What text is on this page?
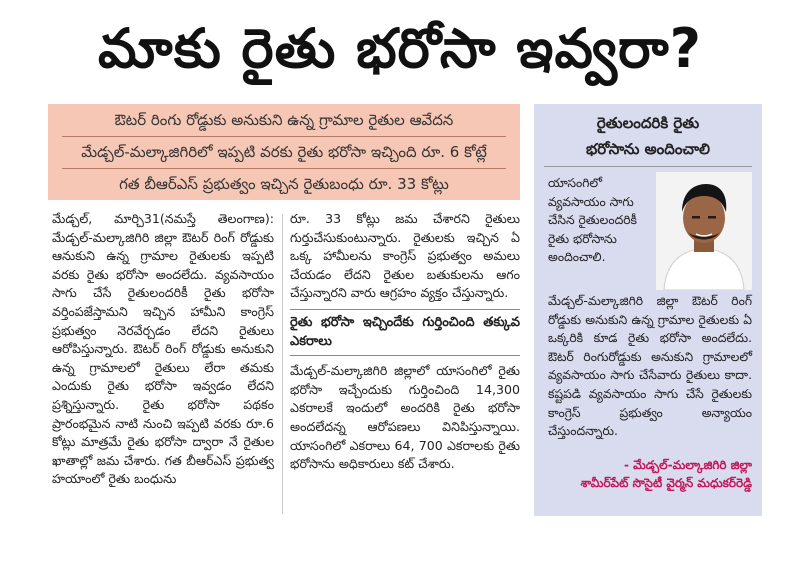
మాకు రైతు భరోసా ఇవ్వరా?
ఔటర్ రింగు రోడ్డుకు అనుకుని ఉన్న గ్రామాల రైతుల ఆవేదన
మేడ్చల్-మల్కాజిగిరిలో ఇప్పటి వరకు రైతు భరోసా ఇచ్చింది రూ. 6 కోట్లే
గత బీఆర్ఎస్ ప్రభుత్వం ఇచ్చిన రైతుబంధు రూ. 33 కోట్లు
మేడ్చల్, మార్చి31(నమస్తే తెలంగాణ): మేడ్చల్-మల్కాజిగిరి జిల్లా ఔటర్ రింగ్ రోడ్డుకు ఆనుకుని ఉన్న గ్రామాల రైతులకు ఇప్పటి వరకు రైతు భరోసా అందలేదు. వ్యవసాయం సాగు చేసే రైతులందరికీ రైతు భరోసా వర్తింపజేస్తామని ఇచ్చిన హామీని కాంగ్రెస్ ప్రభుత్వం నెరవేర్చడం లేదని రైతులు ఆరోపిస్తున్నారు. ఔటర్ రింగ్ రోడ్డుకు అనుకుని ఉన్న గ్రామాలలో రైతులు లేరా తమకు ఎందుకు రైతు భరోసా ఇవ్వడం లేదని ప్రశ్నిస్తున్నారు. రైతు భరోసా పథకం ప్రారంభమైన నాటి నుంచి ఇప్పటి వరకు రూ.6 కోట్లు మాత్రమే రైతు భరోసా ద్వారా నే రైతుల ఖాతాల్లో జమ చేశారు. గత బీఆర్ఎస్ ప్రభుత్వ హయాంలో రైతు బంధును
రూ. 33 కోట్లు జమ చేశారని రైతులు గుర్తుచేసుకుంటున్నారు. రైతులకు ఇచ్చిన ఏ ఒక్క హామీలను కాంగ్రెస్ ప్రభుత్వం అమలు చేయడం లేదని రైతుల బతుకులను ఆగం చేస్తున్నారని వారు ఆగ్రహం వ్యక్తం చేస్తున్నారు.
రైతు భరోసా ఇచ్చిందేకు గుర్తించింది తక్కువ ఎకరాలు
మేడ్చల్-మల్కాజిగిరి జిల్లాలో యాసంగిలో రైతు భరోసా ఇచ్చేందుకు గుర్తించింది 14,300 ఎకరాలకే ఇందులో అందరికి రైతు భరోసా అందలేదన్న ఆరోపణలు వినిపిస్తున్నాయి. యాసంగిలో ఎకరాలు 64, 700 ఎకరాలకు రైతు భరోసాను అధికారులు కట్ చేశారు.
రైతులందరికి రైతు
భరోసాను అందించాలి
యాసంగిలో వ్యవసాయం సాగు చేసిన రైతులందరికీ రైతు భరోసాను అందించాలి.
మేడ్చల్-మల్కాజిగిరి జిల్లా ఔటర్ రింగ్ రోడ్డుకు అనుకుని ఉన్న గ్రామాల రైతులకు ఏ ఒక్కరికి కూడ రైతు భరోసా అందలేదు. ఔటర్ రింగురోడ్డుకు అనుకుని గ్రామాలలో వ్యవసాయం సాగు చేసేవారు రైతులు కాదా. కష్టపడి వ్యవసాయం సాగు చేసే రైతులకు కాంగ్రెస్ ప్రభుత్వం అన్యాయం చేస్తుందన్నారు.
- మేడ్చల్-మల్కాజిగిరి జిల్లా
శామీర్‌పేట్ సొసైటీ వైర్మన్ మధుకర్‌రెడ్డి
